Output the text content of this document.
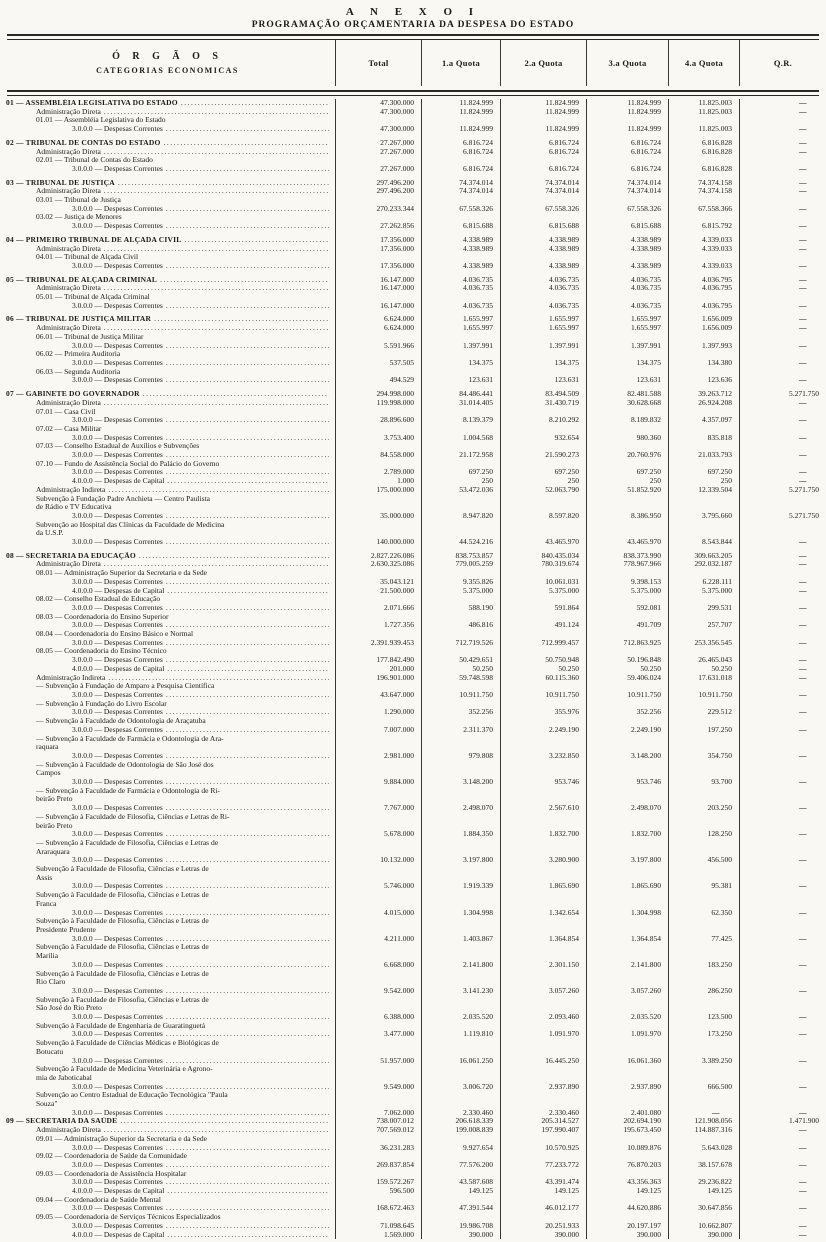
A N E X O I
PROGRAMAÇÃO ORÇAMENTARIA DA DESPESA DO ESTADO
Ó R G Ã O S
CATEGORIAS ECONOMICAS
Total	1.a Quota	2.a Quota	3.a Quota	4.a Quota	Q.R.
01 — ASSEMBLÉIA LEGISLATIVA DO ESTADO .....	47.300.000	11.824.999	11.824.999	11.824.999	11.825.003	—
Administração Direta .....	47.300.000	11.824.999	11.824.999	11.824.999	11.825.003	—
01.01 — Assembléia Legislativa do Estado
3.0.0.0 — Despesas Correntes .....	47.300.000	11.824.999	11.824.999	11.824.999	11.825.003	—
02 — TRIBUNAL DE CONTAS DO ESTADO .....	27.267.000	6.816.724	6.816.724	6.816.724	6.816.828	—
Administração Direta .....	27.267.000	6.816.724	6.816.724	6.816.724	6.816.828	—
02.01 — Tribunal de Contas do Estado
3.0.0.0 — Despesas Correntes .....	27.267.000	6.816.724	6.816.724	6.816.724	6.816.828	—
03 — TRIBUNAL DE JUSTIÇA .....	297.496.200	74.374.014	74.374.014	74.374.014	74.374.158	—
Administração Direta .....	297.496.200	74.374.014	74.374.014	74.374.014	74.374.158	—
03.01 — Tribunal de Justiça
3.0.0.0 — Despesas Correntes .....	270.233.344	67.558.326	67.558.326	67.558.326	67.558.366	—
03.02 — Justiça de Menores
3.0.0.0 — Despesas Correntes .....	27.262.856	6.815.688	6.815.688	6.815.688	6.815.792	—
04 — PRIMEIRO TRIBUNAL DE ALÇADA CIVIL .....	17.356.000	4.338.989	4.338.989	4.338.989	4.339.033	—
Administração Direta .....	17.356.000	4.338.989	4.338.989	4.338.989	4.339.033	—
04.01 — Tribunal de Alçada Civil
3.0.0.0 — Despesas Correntes .....	17.356.000	4.338.989	4.338.989	4.338.989	4.339.033	—
05 — TRIBUNAL DE ALÇADA CRIMINAL .....	16.147.000	4.036.735	4.036.735	4.036.735	4.036.795	—
Administração Direta .....	16.147.000	4.036.735	4.036.735	4.036.735	4.036.795	—
05.01 — Tribunal de Alçada Criminal
3.0.0.0 — Despesas Correntes .....	16.147.000	4.036.735	4.036.735	4.036.735	4.036.795	—
06 — TRIBUNAL DE JUSTIÇA MILITAR .....	6.624.000	1.655.997	1.655.997	1.655.997	1.656.009	—
Administração Direta .....	6.624.000	1.655.997	1.655.997	1.655.997	1.656.009	—
06.01 — Tribunal de Justiça Militar
3.0.0.0 — Despesas Correntes .....	5.591.966	1.397.991	1.397.991	1.397.991	1.397.993	—
06.02 — Primeira Auditoria
3.0.0.0 — Despesas Correntes .....	537.505	134.375	134.375	134.375	134.380	—
06.03 — Segunda Auditoria
3.0.0.0 — Despesas Correntes .....	494.529	123.631	123.631	123.631	123.636	—
07 — GABINETE DO GOVERNADOR .....	294.998.000	84.486.441	83.494.509	82.481.588	39.263.712	5.271.750
Administração Direta .....	119.998.000	31.014.405	31.430.719	30.628.668	26.924.208	—
07.01 — Casa Civil
3.0.0.0 — Despesas Correntes .....	28.896.600	8.139.379	8.210.292	8.189.832	4.357.097	—
07.02 — Casa Militar
3.0.0.0 — Despesas Correntes .....	3.753.400	1.004.568	932.654	980.360	835.818	—
07.03 — Conselho Estadual de Auxílios e Subvenções
3.0.0.0 — Despesas Correntes .....	84.558.000	21.172.958	21.590.273	20.760.976	21.033.793	—
07.10 — Fundo de Assistência Social do Palácio do Governo
3.0.0.0 — Despesas Correntes .....	2.789.000	697.250	697.250	697.250	697.250	—
4.0.0.0 — Despesas de Capital .....	1.000	250	250	250	250	—
Administração Indireta .....	175.000.000	53.472.036	52.063.790	51.852.920	12.339.504	5.271.750
Subvenção à Fundação Padre Anchieta — Centro Paulista
de Rádio e TV Educativa
3.0.0.0 — Despesas Correntes .....	35.000.000	8.947.820	8.597.820	8.386.950	3.795.660	5.271.750
Subvenção ao Hospital das Clínicas da Faculdade de Medicina
da U.S.P.
3.0.0.0 — Despesas Correntes .....	140.000.000	44.524.216	43.465.970	43.465.970	8.543.844	—
08 — SECRETARIA DA EDUCAÇÃO .....	2.827.226.086	838.753.857	840.435.034	838.373.990	309.663.205	—
Administração Direta .....	2.630.325.086	779.005.259	780.319.674	778.967.966	292.032.187	—
08.01 — Administração Superior da Secretaria e da Sede
3.0.0.0 — Despesas Correntes .....	35.043.121	9.355.826	10.061.031	9.398.153	6.228.111	—
4.0.0.0 — Despesas de Capital .....	21.500.000	5.375.000	5.375.000	5.375.000	5.375.000	—
08.02 — Conselho Estadual de Educação
3.0.0.0 — Despesas Correntes .....	2.071.666	588.190	591.864	592.081	299.531	—
08.03 — Coordenadoria do Ensino Superior
3.0.0.0 — Despesas Correntes .....	1.727.356	486.816	491.124	491.709	257.707	—
08.04 — Coordenadoria do Ensino Básico e Normal
3.0.0.0 — Despesas Correntes .....	2.391.939.453	712.719.526	712.999.457	712.863.925	253.356.545	—
08.05 — Coordenadoria do Ensino Técnico
3.0.0.0 — Despesas Correntes .....	177.842.490	50.429.651	50.750.948	50.196.848	26.465.043	—
4.0.0.0 — Despesas de Capital .....	201.000	50.250	50.250	50.250	50.250	—
Administração Indireta .....	196.901.000	59.748.598	60.115.360	59.406.024	17.631.018	—
— Subvenção à Fundação de Amparo a Pesquisa Científica
3.0.0.0 — Despesas Correntes .....	43.647.000	10.911.750	10.911.750	10.911.750	10.911.750	—
— Subvenção à Fundação do Livro Escolar
3.0.0.0 — Despesas Correntes .....	1.290.000	352.256	355.976	352.256	229.512	—
— Subvenção à Faculdade de Odontologia de Araçatuba
3.0.0.0 — Despesas Correntes .....	7.007.000	2.311.370	2.249.190	2.249.190	197.250	—
— Subvenção à Faculdade de Farmácia e Odontologia de Ara-
raquara
3.0.0.0 — Despesas Correntes .....	2.981.000	979.808	3.232.850	3.148.200	354.750	—
— Subvenção à Faculdade de Odontologia de São José dos
Campos
3.0.0.0 — Despesas Correntes .....	9.884.000	3.148.200	953.746	953.746	93.700	—
— Subvenção à Faculdade de Farmácia e Odontologia de Ri-
beirão Preto
3.0.0.0 — Despesas Correntes .....	7.767.000	2.498.070	2.567.610	2.498.070	203.250	—
— Subvenção à Faculdade de Filosofia, Ciências e Letras de Ri-
beirão Preto
3.0.0.0 — Despesas Correntes .....	5.678.000	1.884.350	1.832.700	1.832.700	128.250	—
— Subvenção à Faculdade de Filosofia, Ciências e Letras de
Araraquara
3.0.0.0 — Despesas Correntes .....	10.132.000	3.197.800	3.280.900	3.197.800	456.500	—
Subvenção à Faculdade de Filosofia, Ciências e Letras de
Assis
3.0.0.0 — Despesas Correntes .....	5.746.000	1.919.339	1.865.690	1.865.690	95.381	—
Subvenção à Faculdade de Filosofia, Ciências e Letras de
Franca
3.0.0.0 — Despesas Correntes .....	4.015.000	1.304.998	1.342.654	1.304.998	62.350	—
Subvenção à Faculdade de Filosofia, Ciências e Letras de
Presidente Prudente
3.0.0.0 — Despesas Correntes .....	4.211.000	1.403.867	1.364.854	1.364.854	77.425	—
Subvenção à Faculdade de Filosofia, Ciências e Letras de
Marília
3.0.0.0 — Despesas Correntes .....	6.668.000	2.141.800	2.301.150	2.141.800	183.250	—
Subvenção à Faculdade de Filosofia, Ciências e Letras de
Rio Claro
3.0.0.0 — Despesas Correntes .....	9.542.000	3.141.230	3.057.260	3.057.260	286.250	—
Subvenção à Faculdade de Filosofia, Ciências e Letras de
São José do Rio Preto
3.0.0.0 — Despesas Correntes .....	6.388.000	2.035.520	2.093.460	2.035.520	123.500	—
Subvenção à Faculdade de Engenharia de Guaratinguetá
3.0.0.0 — Despesas Correntes .....	3.477.000	1.119.810	1.091.970	1.091.970	173.250	—
Subvenção à Faculdade de Ciências Médicas e Biológicas de
Botucatu
3.0.0.0 — Despesas Correntes .....	51.957.000	16.061.250	16.445.250	16.061.360	3.389.250	—
Subvenção à Faculdade de Medicina Veterinária e Agrono-
mia de Jaboticabal
3.0.0.0 — Despesas Correntes .....	9.549.000	3.006.720	2.937.890	2.937.890	666.500	—
Subvenção ao Centro Estadual de Educação Tecnológica "Paula
Souza"
3.0.0.0 — Despesas Correntes .....	7.062.000	2.330.460	2.330.460	2.401.080	—	—
09 — SECRETARIA DA SAÚDE .....	738.007.012	206.618.339	205.314.527	202.694.190	121.908.056	1.471.900
Administração Direta .....	707.569.012	199.008.839	197.990.407	195.673.450	114.887.316	—
09.01 — Administração Superior da Secretaria e da Sede
3.0.0.0 — Despesas Correntes .....	36.231.283	9.927.654	10.570.925	10.089.876	5.643.028	—
09.02 — Coordenadoria de Saúde da Comunidade
3.0.0.0 — Despesas Correntes .....	269.837.854	77.576.200	77.233.772	76.870.203	38.157.678	—
09.03 — Coordenadoria de Assistência Hospitalar
3.0.0.0 — Despesas Correntes .....	159.572.267	43.587.608	43.391.474	43.356.363	29.236.822	—
4.0.0.0 — Despesas de Capital .....	596.500	149.125	149.125	149.125	149.125	—
09.04 — Coordenadoria de Saúde Mental
3.0.0.0 — Despesas Correntes .....	168.672.463	47.391.544	46.012.177	44.620.886	30.647.856	—
09.05 — Coordenadoria de Serviços Técnicos Especializados
3.0.0.0 — Despesas Correntes .....	71.098.645	19.986.708	20.251.933	20.197.197	10.662.807	—
4.0.0.0 — Despesas de Capital .....	1.569.000	390.000	390.000	390.000	390.000	—
